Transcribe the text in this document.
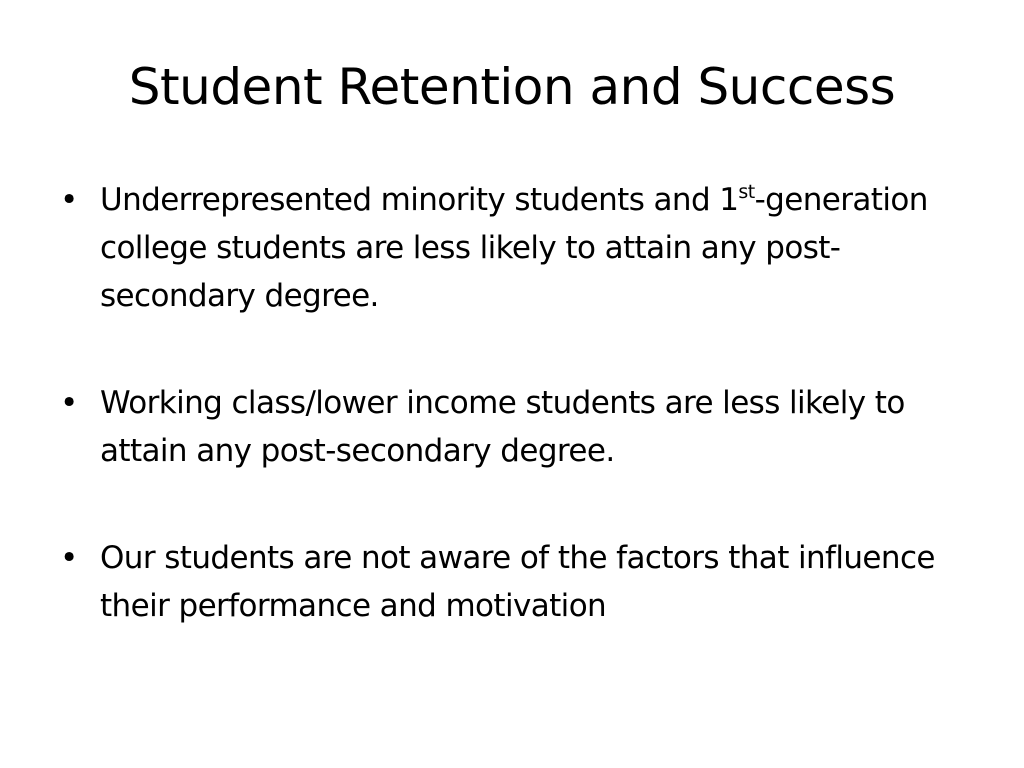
Student Retention and Success
• Underrepresented minority students and 1st-generation college students are less likely to attain any post-secondary degree.
• Working class/lower income students are less likely to attain any post-secondary degree.
• Our students are not aware of the factors that influence their performance and motivation
